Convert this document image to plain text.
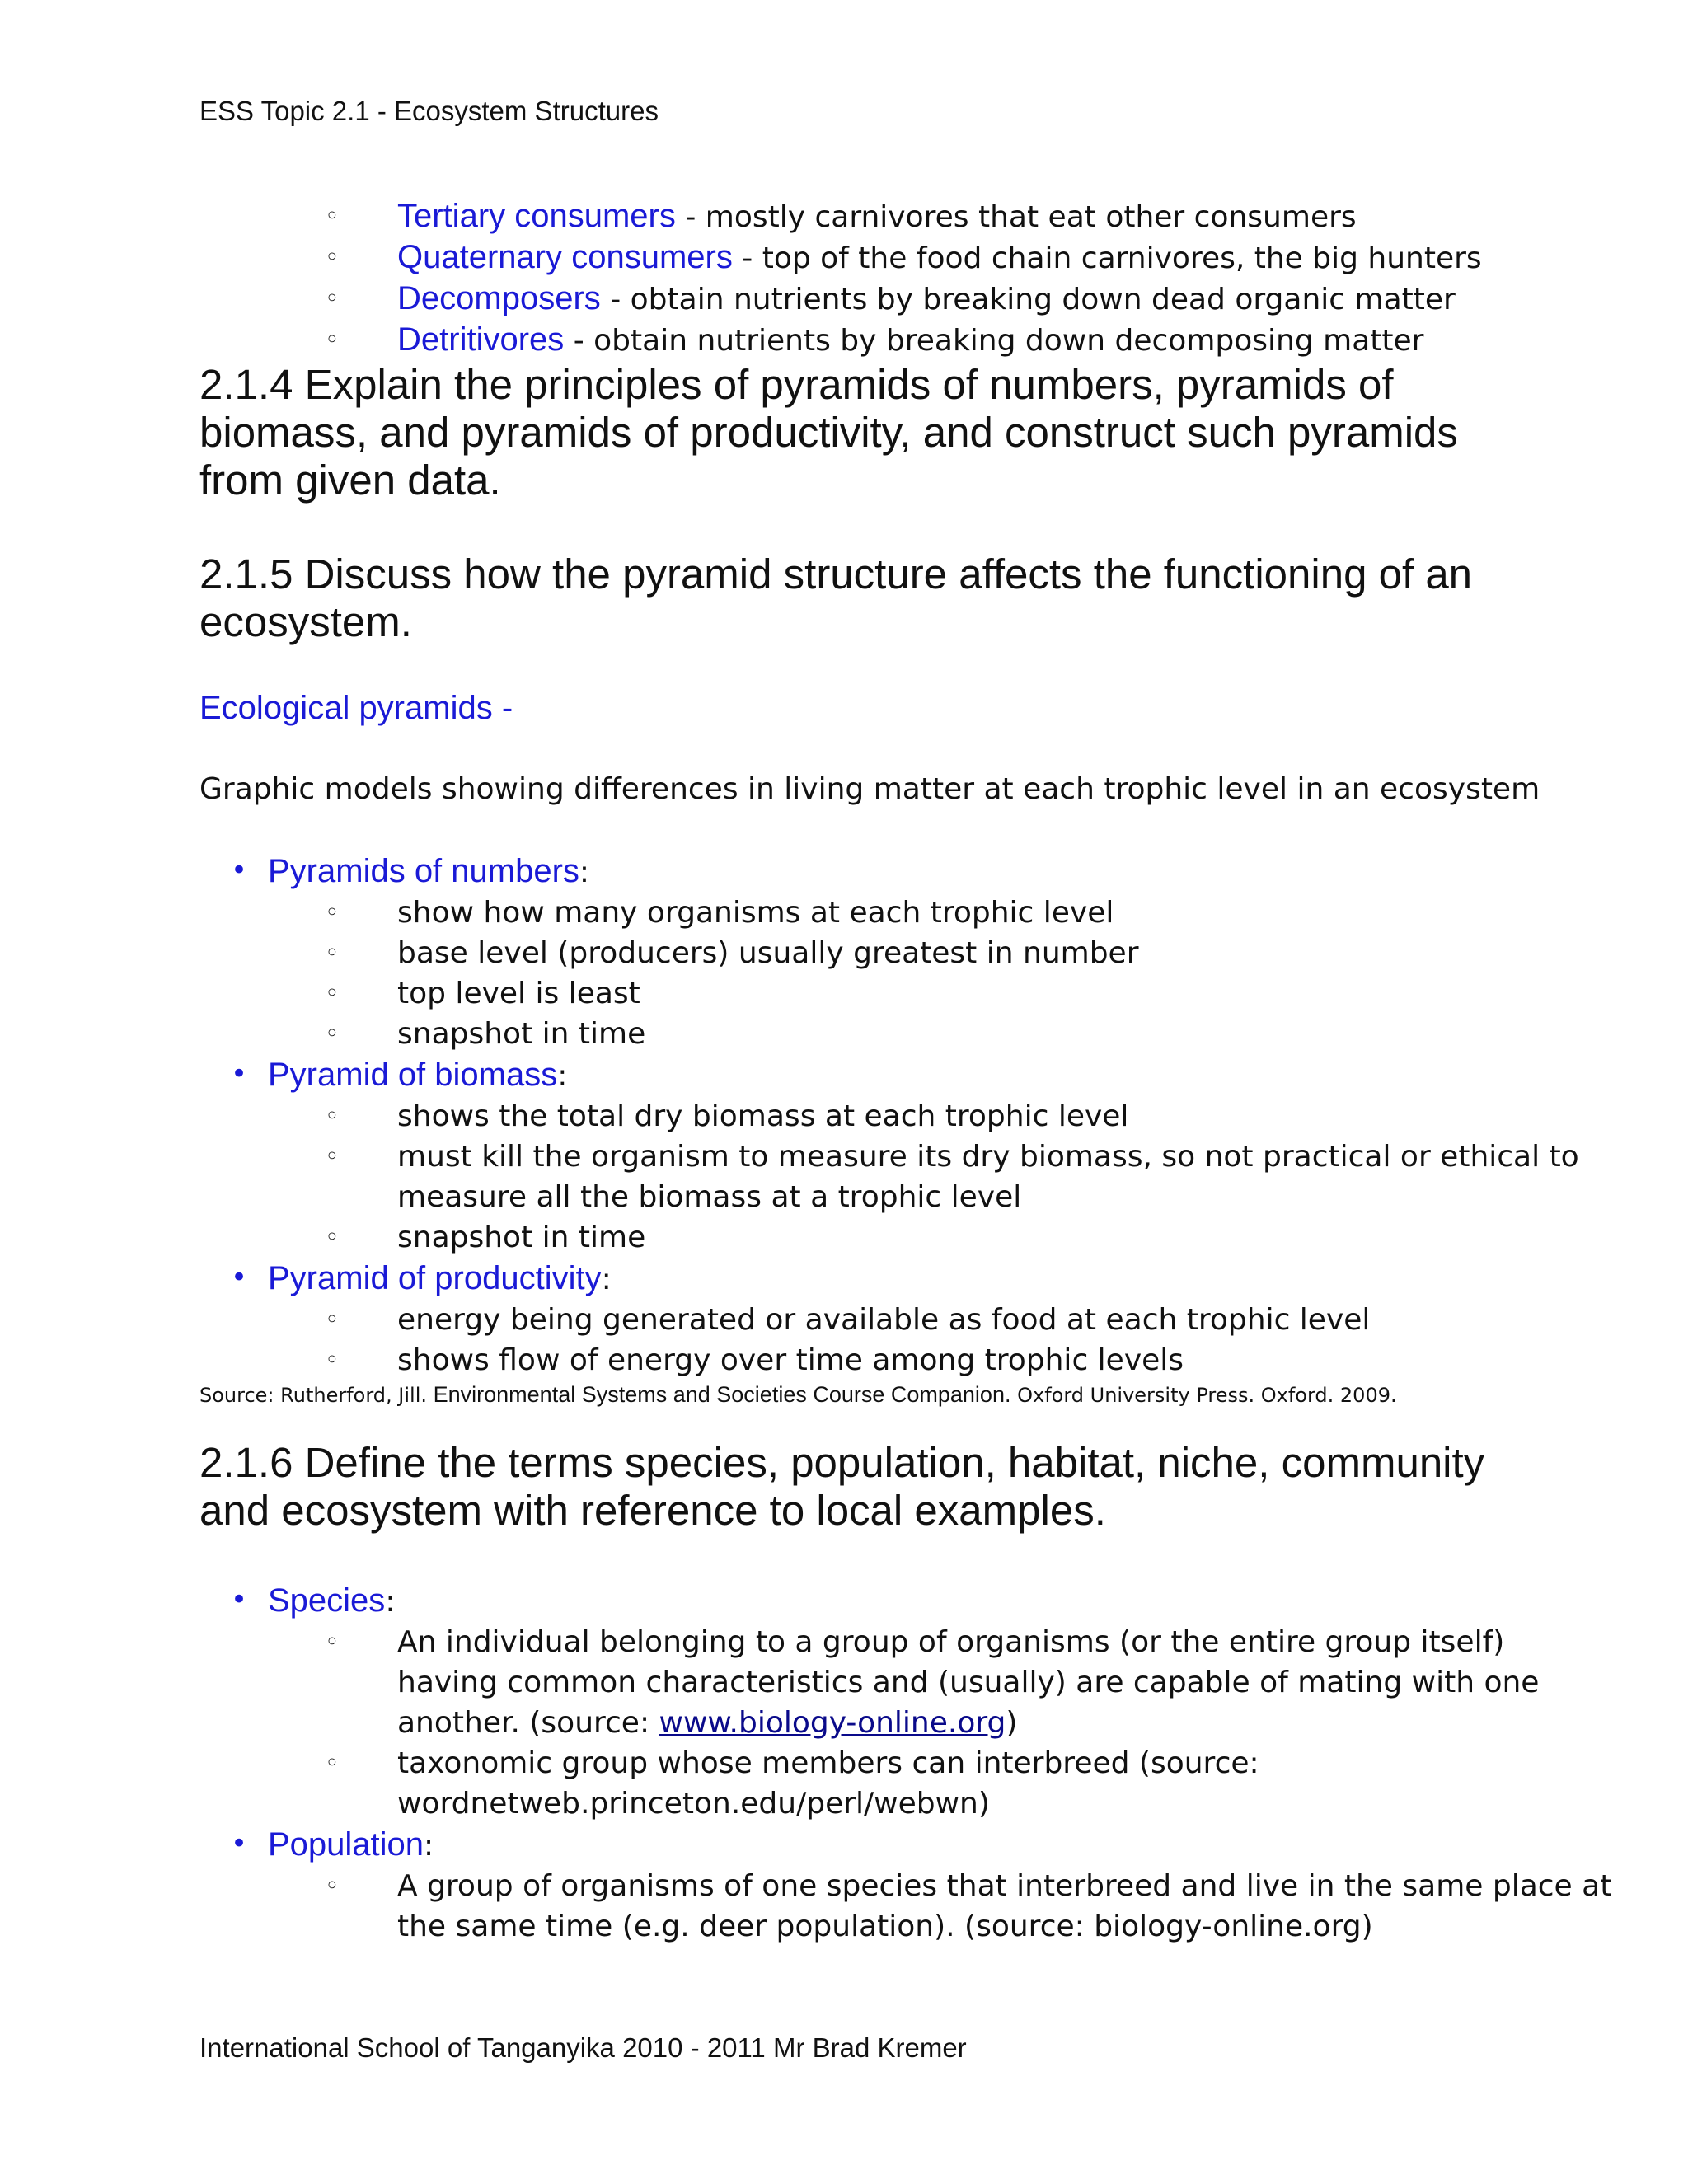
ESS Topic 2.1 - Ecosystem Structures
◦ Tertiary consumers - mostly carnivores that eat other consumers
◦ Quaternary consumers - top of the food chain carnivores, the big hunters
◦ Decomposers - obtain nutrients by breaking down dead organic matter
◦ Detritivores - obtain nutrients by breaking down decomposing matter
2.1.4 Explain the principles of pyramids of numbers, pyramids of
biomass, and pyramids of productivity, and construct such pyramids
from given data.
2.1.5 Discuss how the pyramid structure affects the functioning of an
ecosystem.
Ecological pyramids -
Graphic models showing differences in living matter at each trophic level in an ecosystem
• Pyramids of numbers:
◦ show how many organisms at each trophic level
◦ base level (producers) usually greatest in number
◦ top level is least
◦ snapshot in time
• Pyramid of biomass:
◦ shows the total dry biomass at each trophic level
◦ must kill the organism to measure its dry biomass, so not practical or ethical to
measure all the biomass at a trophic level
◦ snapshot in time
• Pyramid of productivity:
◦ energy being generated or available as food at each trophic level
◦ shows flow of energy over time among trophic levels
Source: Rutherford, Jill. Environmental Systems and Societies Course Companion. Oxford University Press. Oxford. 2009.
2.1.6 Define the terms species, population, habitat, niche, community
and ecosystem with reference to local examples.
• Species:
◦ An individual belonging to a group of organisms (or the entire group itself)
having common characteristics and (usually) are capable of mating with one
another. (source: www.biology-online.org)
◦ taxonomic group whose members can interbreed (source:
wordnetweb.princeton.edu/perl/webwn)
• Population:
◦ A group of organisms of one species that interbreed and live in the same place at
the same time (e.g. deer population). (source: biology-online.org)
International School of Tanganyika 2010 - 2011 Mr Brad Kremer
